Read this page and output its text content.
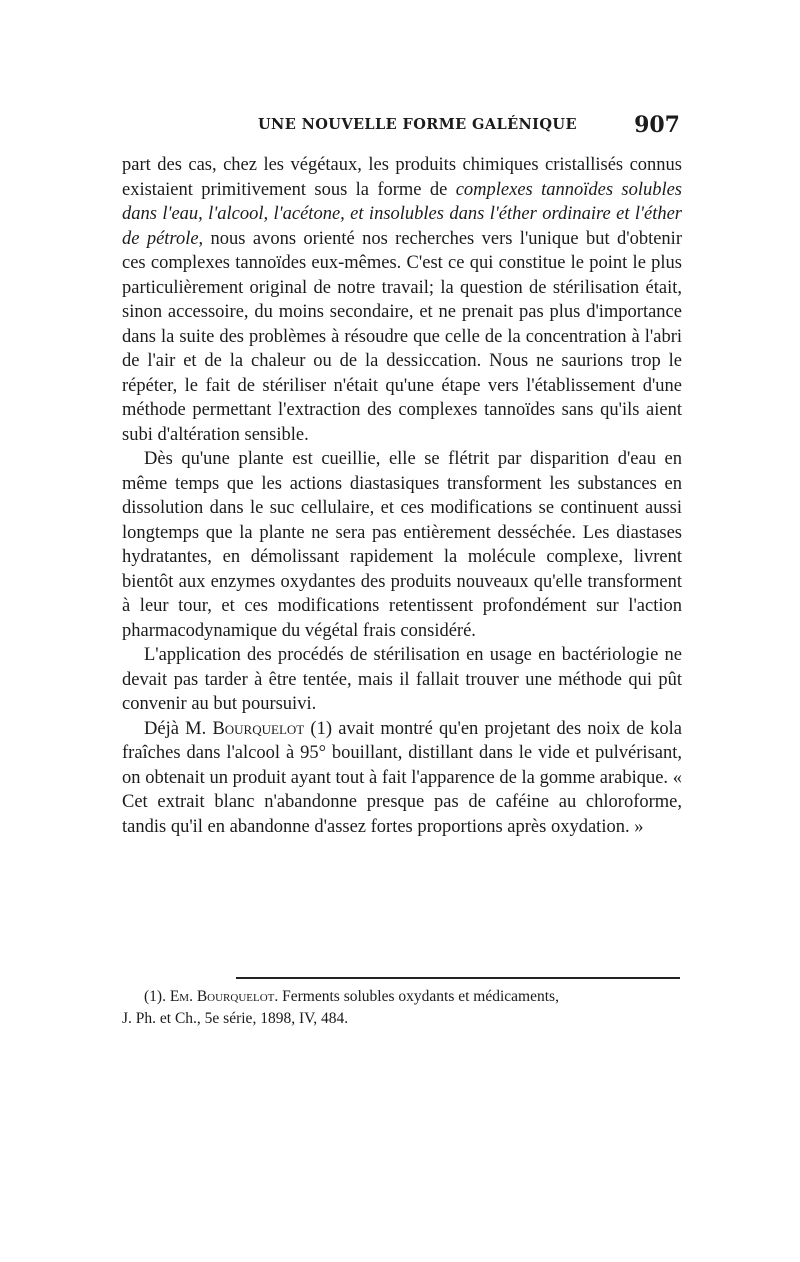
UNE NOUVELLE FORME GALÉNIQUE	907

part des cas, chez les végétaux, les produits chimiques cristallisés connus existaient primitivement sous la forme de complexes tannoïdes solubles dans l'eau, l'alcool, l'acétone, et insolubles dans l'éther ordinaire et l'éther de pétrole, nous avons orienté nos recherches vers l'unique but d'obtenir ces complexes tannoïdes eux-mêmes. C'est ce qui constitue le point le plus particulièrement original de notre travail; la question de stérilisation était, sinon accessoire, du moins secondaire, et ne prenait pas plus d'importance dans la suite des problèmes à résoudre que celle de la concentration à l'abri de l'air et de la chaleur ou de la dessiccation. Nous ne saurions trop le répéter, le fait de stériliser n'était qu'une étape vers l'établissement d'une méthode permettant l'extraction des complexes tannoïdes sans qu'ils aient subi d'altération sensible.

Dès qu'une plante est cueillie, elle se flétrit par disparition d'eau en même temps que les actions diastasiques transforment les substances en dissolution dans le suc cellulaire, et ces modifications se continuent aussi longtemps que la plante ne sera pas entièrement desséchée. Les diastases hydratantes, en démolissant rapidement la molécule complexe, livrent bientôt aux enzymes oxydantes des produits nouveaux qu'elle transforment à leur tour, et ces modifications retentissent profondément sur l'action pharmacodynamique du végétal frais considéré.

L'application des procédés de stérilisation en usage en bactériologie ne devait pas tarder à être tentée, mais il fallait trouver une méthode qui pût convenir au but poursuivi.

Déjà M. Bourquelot (1) avait montré qu'en projetant des noix de kola fraîches dans l'alcool à 95° bouillant, distillant dans le vide et pulvérisant, on obtenait un produit ayant tout à fait l'apparence de la gomme arabique. « Cet extrait blanc n'abandonne presque pas de caféine au chloroforme, tandis qu'il en abandonne d'assez fortes proportions après oxydation. »

(1). Em. Bourquelot. Ferments solubles oxydants et médicaments,
J. Ph. et Ch., 5e série, 1898, IV, 484.
